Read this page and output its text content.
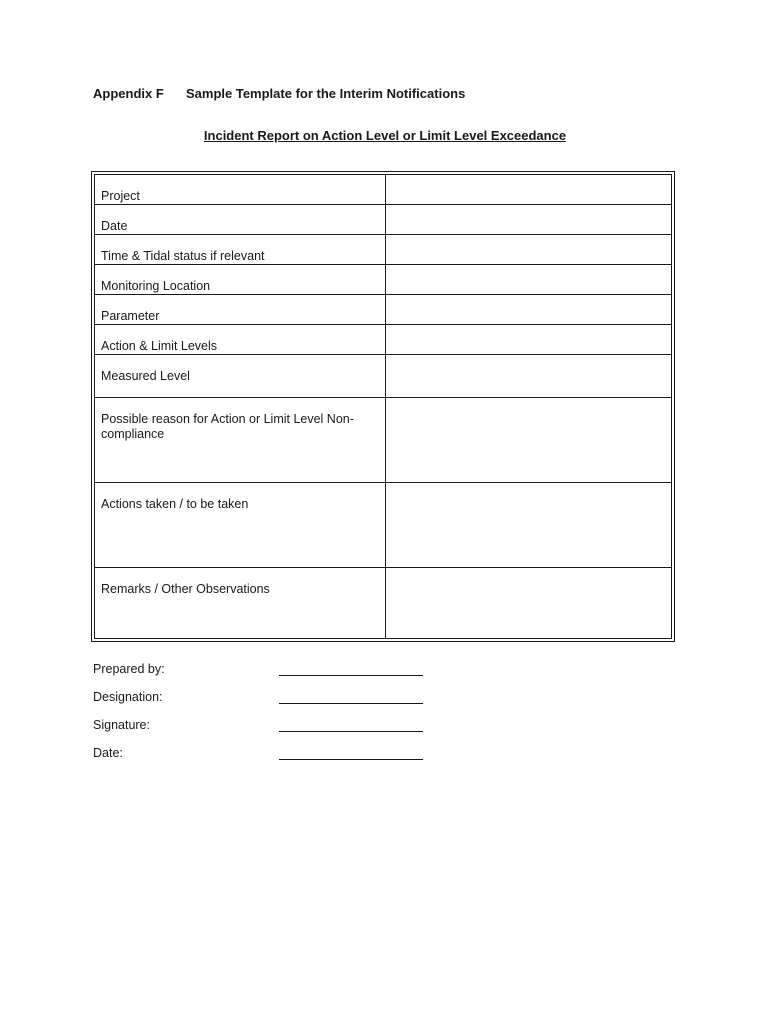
Appendix F Sample Template for the Interim Notifications
Incident Report on Action Level or Limit Level Exceedance
Project	
Date	
Time & Tidal status if relevant	
Monitoring Location	
Parameter	
Action & Limit Levels	
Measured Level	
Possible reason for Action or Limit Level Non-compliance	
Actions taken / to be taken	
Remarks / Other Observations	
Prepared by:
Designation:
Signature:
Date:
